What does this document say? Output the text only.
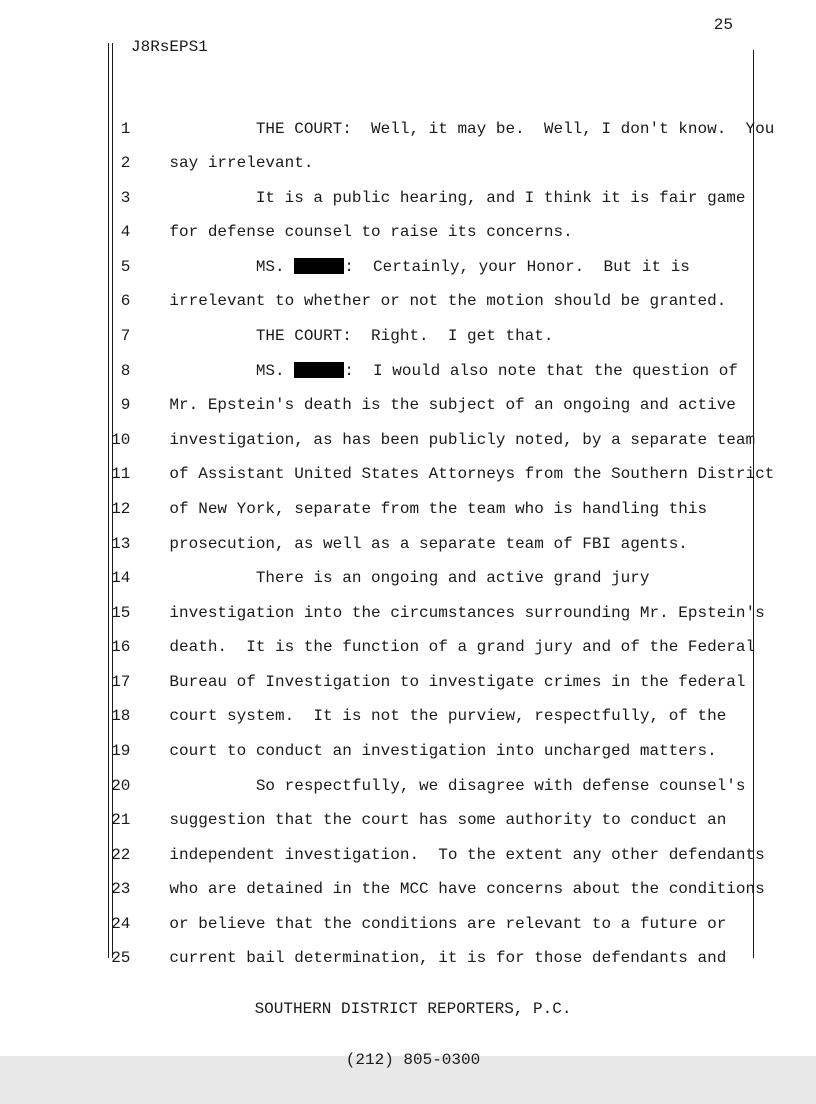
25
J8RsEPS1

1         THE COURT:  Well, it may be.  Well, I don't know.  You

2 say irrelevant.

3         It is a public hearing, and I think it is fair game

4 for defense counsel to raise its concerns.

5         MS.	:  Certainly, your Honor.  But it is

6 irrelevant to whether or not the motion should be granted.

7         THE COURT:  Right.  I get that.

8         MS.	:  I would also note that the question of

9 Mr. Epstein's death is the subject of an ongoing and active

10 investigation, as has been publicly noted, by a separate team

11 of Assistant United States Attorneys from the Southern District

12 of New York, separate from the team who is handling this

13 prosecution, as well as a separate team of FBI agents.

14         There is an ongoing and active grand jury

15 investigation into the circumstances surrounding Mr. Epstein's

16 death.  It is the function of a grand jury and of the Federal

17 Bureau of Investigation to investigate crimes in the federal

18 court system.  It is not the purview, respectfully, of the

19 court to conduct an investigation into uncharged matters.

20         So respectfully, we disagree with defense counsel's

21 suggestion that the court has some authority to conduct an

22 independent investigation.  To the extent any other defendants

23 who are detained in the MCC have concerns about the conditions

24 or believe that the conditions are relevant to a future or

25 current bail determination, it is for those defendants and

SOUTHERN DISTRICT REPORTERS, P.C.

(212) 805-0300
